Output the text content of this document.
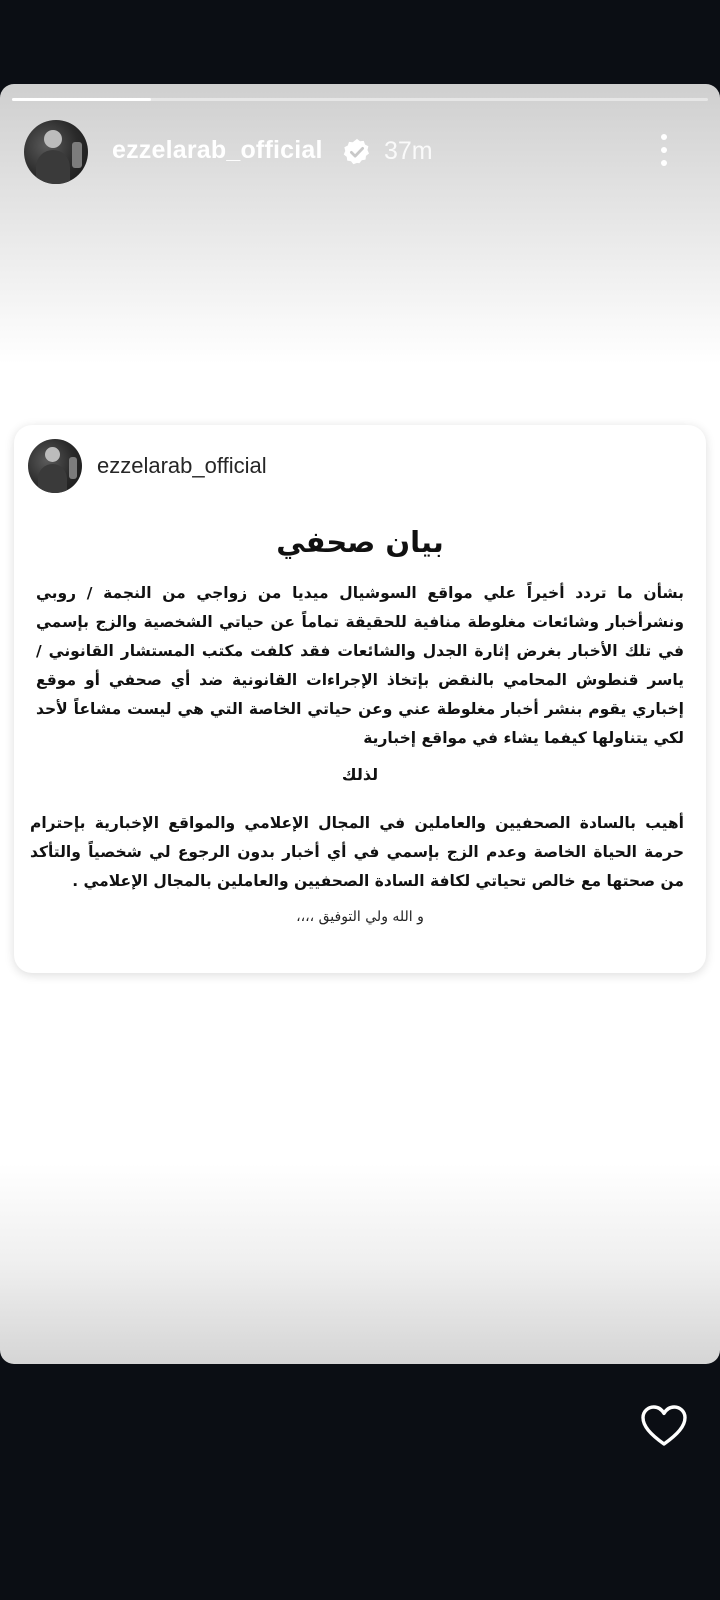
ezzelarab_official 37m
ezzelarab_official
بيان صحفي

بشأن ما تردد أخيراً علي مواقع السوشيال ميديا من زواجي من النجمة / روبي ونشرأخبار وشائعات مغلوطة منافية للحقيقة تماماً عن حياتي الشخصية والزج بإسمي في تلك الأخبار بغرض إثارة الجدل والشائعات فقد كلفت مكتب المستشار القانوني / ياسر قنطوش المحامي بالنقض بإتخاذ الإجراءات القانونية ضد أي صحفي أو موقع إخباري يقوم بنشر أخبار مغلوطة عني وعن حياتي الخاصة التي هي ليست مشاعاً لأحد لكي يتناولها كيفما يشاء في مواقع إخبارية

لذلك

أهيب بالسادة الصحفيين والعاملين في المجال الإعلامي والمواقع الإخبارية بإحترام حرمة الحياة الخاصة وعدم الزج بإسمي في أي أخبار بدون الرجوع لي شخصياً والتأكد من صحتها مع خالص تحياتي لكافة السادة الصحفيين والعاملين بالمجال الإعلامي .

و الله ولي التوفيق ،،،،
